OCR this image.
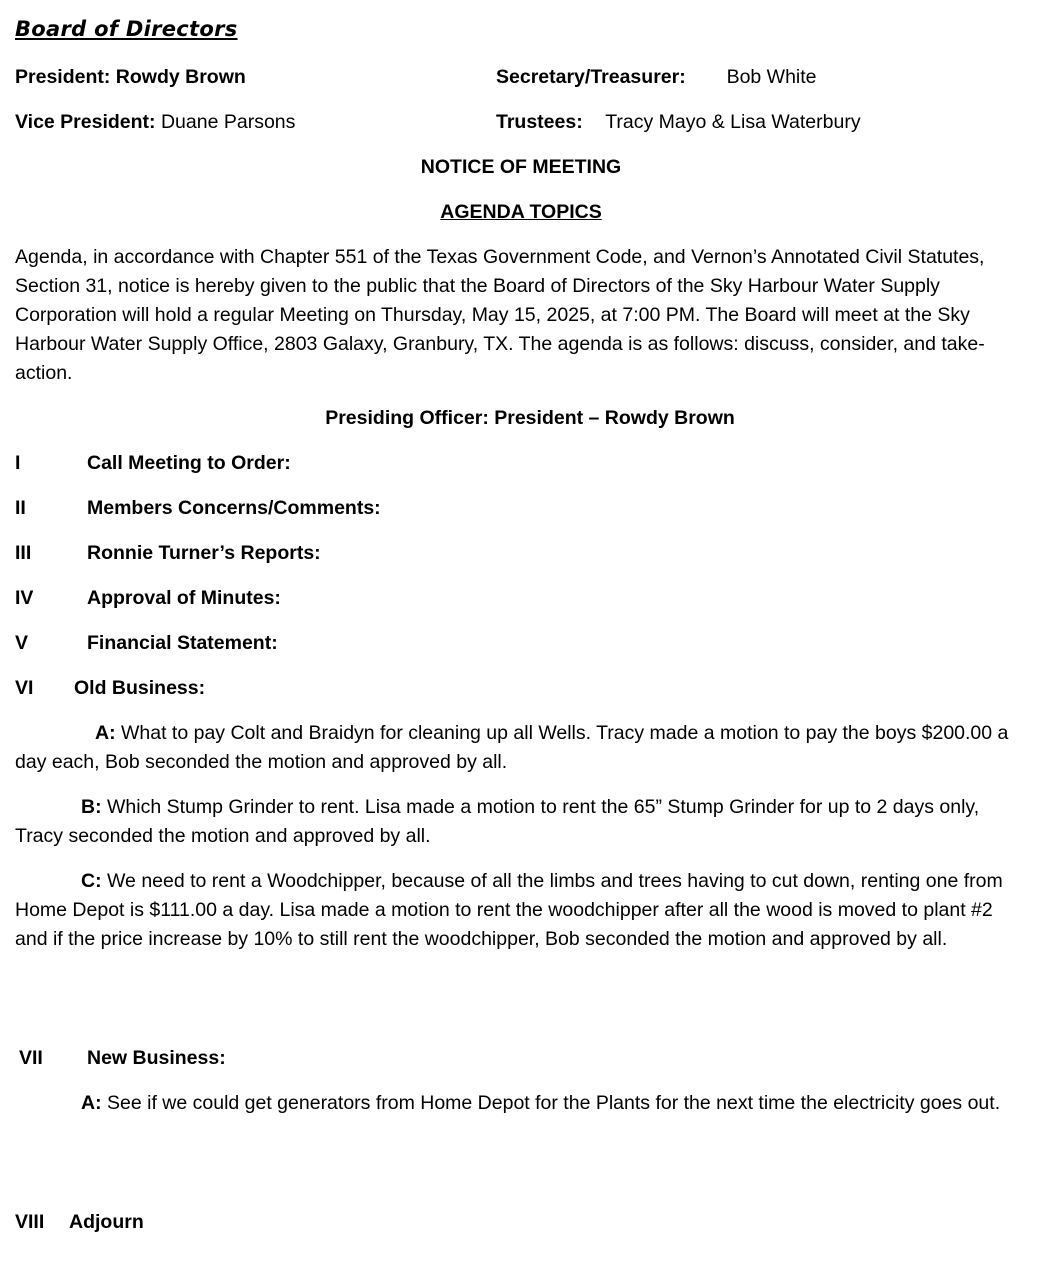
Board of Directors
President: Rowdy Brown	Secretary/Treasurer: Bob White
Vice President: Duane Parsons	Trustees: Tracy Mayo & Lisa Waterbury
NOTICE OF MEETING
AGENDA TOPICS
Agenda, in accordance with Chapter 551 of the Texas Government Code, and Vernon’s Annotated Civil Statutes, Section 31, notice is hereby given to the public that the Board of Directors of the Sky Harbour Water Supply Corporation will hold a regular Meeting on Thursday, May 15, 2025, at 7:00 PM. The Board will meet at the Sky Harbour Water Supply Office, 2803 Galaxy, Granbury, TX. The agenda is as follows: discuss, consider, and take-action.
Presiding Officer: President – Rowdy Brown
I	Call Meeting to Order:
II	Members Concerns/Comments:
III	Ronnie Turner’s Reports:
IV	Approval of Minutes:
V	Financial Statement:
VI Old Business:
A: What to pay Colt and Braidyn for cleaning up all Wells. Tracy made a motion to pay the boys $200.00 a day each, Bob seconded the motion and approved by all.
B: Which Stump Grinder to rent. Lisa made a motion to rent the 65” Stump Grinder for up to 2 days only, Tracy seconded the motion and approved by all.
C: We need to rent a Woodchipper, because of all the limbs and trees having to cut down, renting one from Home Depot is $111.00 a day. Lisa made a motion to rent the woodchipper after all the wood is moved to plant #2 and if the price increase by 10% to still rent the woodchipper, Bob seconded the motion and approved by all.
VII New Business:
A: See if we could get generators from Home Depot for the Plants for the next time the electricity goes out.
VIII Adjourn
